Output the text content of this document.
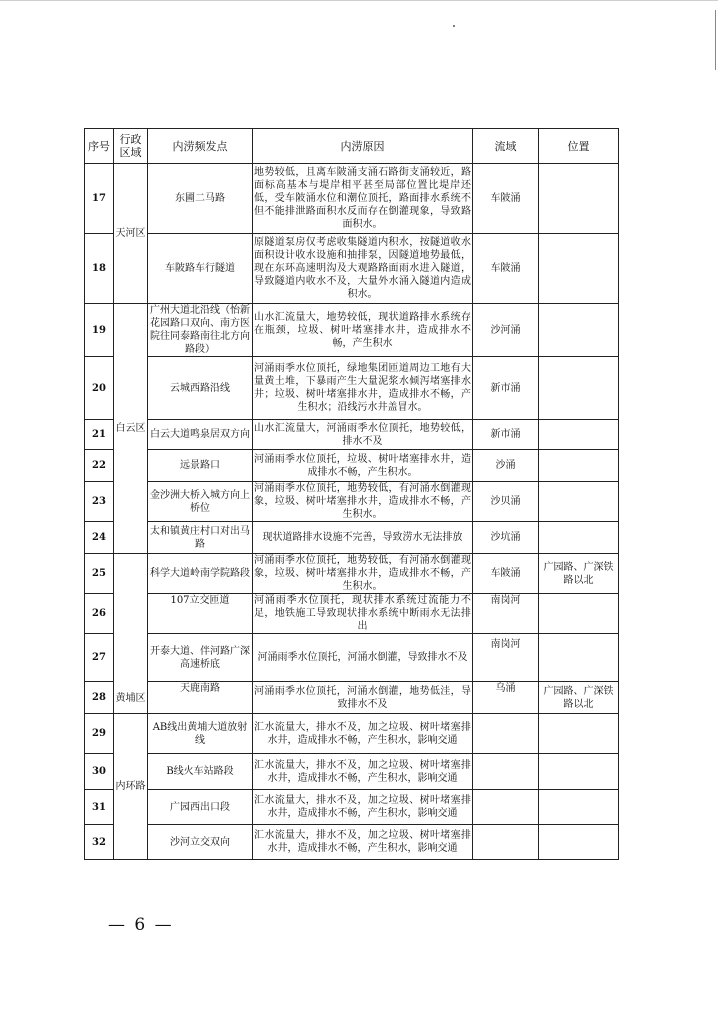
序号	行政区域	内涝频发点	内涝原因	流域	位置
17	天河区	东圃二马路	地势较低，且离车陂涌支涌石路街支涌较近，路面标高基本与堤岸相平甚至局部位置比堤岸还低，受车陂涌水位和潮位顶托，路面排水系统不但不能排泄路面积水反而存在倒灌现象，导致路面积水。	车陂涌	
18		车陂路车行隧道	原隧道泵房仅考虑收集隧道内积水，按隧道收水面积设计收水设施和抽排泵，因隧道地势最低，现在东环高速明沟及大观路路面雨水进入隧道，导致隧道内收水不及，大量外水涌入隧道内造成积水。	车陂涌	
19	白云区	广州大道北沿线（怡新花园路口双向、南方医院往同泰路南往北方向路段）	山水汇流量大，地势较低，现状道路排水系统存在瓶颈，垃圾、树叶堵塞排水井，造成排水不畅，产生积水	沙河涌	
20		云城西路沿线	河涌雨季水位顶托，绿地集团匝道周边工地有大量黄土堆，下暴雨产生大量泥浆水倾泻堵塞排水井；垃圾、树叶堵塞排水井，造成排水不畅，产生积水；沿线污水井盖冒水。	新市涌	
21		白云大道鸣泉居双方向	山水汇流量大，河涌雨季水位顶托，地势较低，排水不及	新市涌	
22		远景路口	河涌雨季水位顶托，垃圾、树叶堵塞排水井，造成排水不畅，产生积水。	沙涌	
23		金沙洲大桥入城方向上桥位	河涌雨季水位顶托，地势较低，有河涌水倒灌现象，垃圾、树叶堵塞排水井，造成排水不畅，产生积水。	沙贝涌	
24		太和镇黄庄村口对出马路	现状道路排水设施不完善，导致涝水无法排放	沙坑涌	
25	黄埔区	科学大道岭南学院路段	河涌雨季水位顶托，地势较低，有河涌水倒灌现象，垃圾、树叶堵塞排水井，造成排水不畅，产生积水。	车陂涌	广园路、广深铁路以北
26		107立交匝道	河涌雨季水位顶托，现状排水系统过流能力不足，地铁施工导致现状排水系统中断雨水无法排出	南岗河	
27		开泰大道、伴河路广深高速桥底	河涌雨季水位顶托，河涌水倒灌，导致排水不及	南岗河	
28		天鹿南路	河涌雨季水位顶托，河涌水倒灌，地势低洼，导致排水不及	乌涌	广园路、广深铁路以北
29	内环路	AB线出黄埔大道放射线	汇水流量大，排水不及，加之垃圾、树叶堵塞排水井，造成排水不畅，产生积水，影响交通		
30		B线火车站路段	汇水流量大，排水不及，加之垃圾、树叶堵塞排水井，造成排水不畅，产生积水，影响交通		
31		广园西出口段	汇水流量大，排水不及，加之垃圾、树叶堵塞排水井，造成排水不畅，产生积水，影响交通		
32		沙河立交双向	汇水流量大，排水不及，加之垃圾、树叶堵塞排水井，造成排水不畅，产生积水，影响交通		
— 6 —
